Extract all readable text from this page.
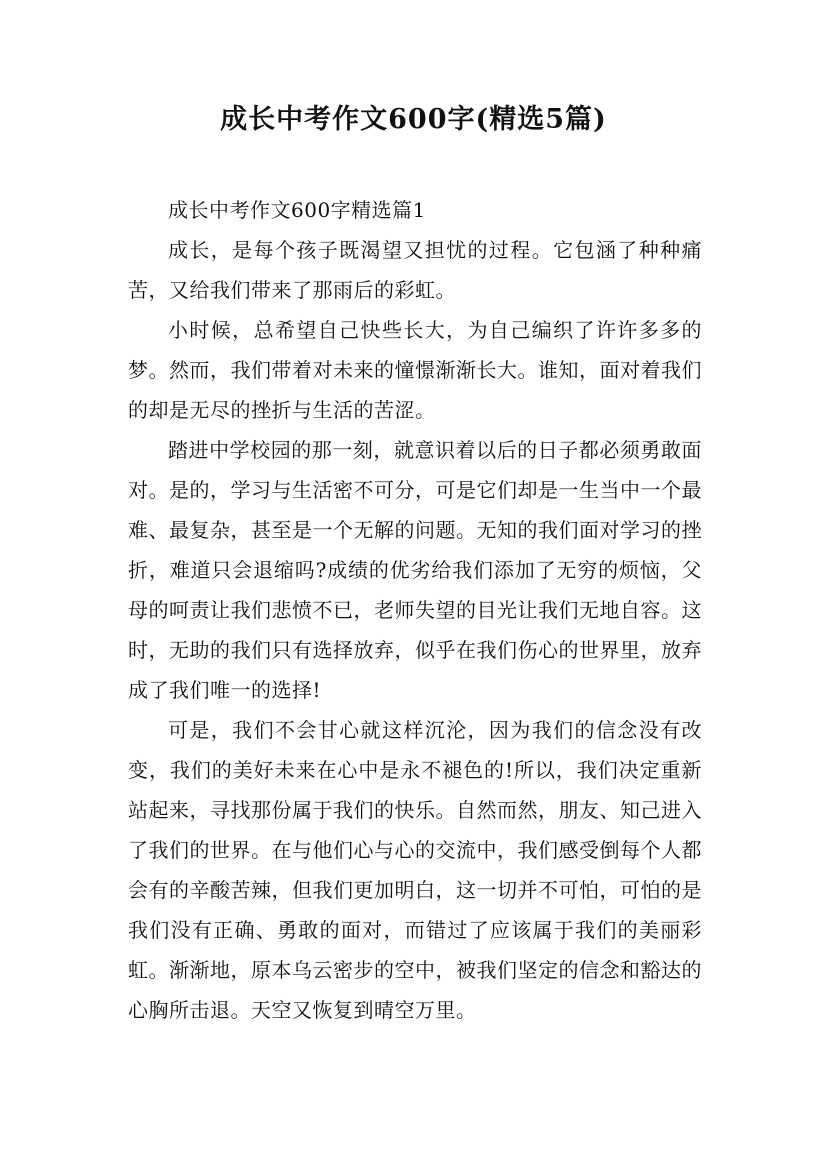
成长中考作文600字(精选5篇)

成长中考作文600字精选篇1

成长，是每个孩子既渴望又担忧的过程。它包涵了种种痛苦，又给我们带来了那雨后的彩虹。

小时候，总希望自己快些长大，为自己编织了许许多多的梦。然而，我们带着对未来的憧憬渐渐长大。谁知，面对着我们的却是无尽的挫折与生活的苦涩。

踏进中学校园的那一刻，就意识着以后的日子都必须勇敢面对。是的，学习与生活密不可分，可是它们却是一生当中一个最难、最复杂，甚至是一个无解的问题。无知的我们面对学习的挫折，难道只会退缩吗?成绩的优劣给我们添加了无穷的烦恼，父母的呵责让我们悲愤不已，老师失望的目光让我们无地自容。这时，无助的我们只有选择放弃，似乎在我们伤心的世界里，放弃成了我们唯一的选择!

可是，我们不会甘心就这样沉沦，因为我们的信念没有改变，我们的美好未来在心中是永不褪色的!所以，我们决定重新站起来，寻找那份属于我们的快乐。自然而然，朋友、知己进入了我们的世界。在与他们心与心的交流中，我们感受倒每个人都会有的辛酸苦辣，但我们更加明白，这一切并不可怕，可怕的是我们没有正确、勇敢的面对，而错过了应该属于我们的美丽彩虹。渐渐地，原本乌云密步的空中，被我们坚定的信念和豁达的心胸所击退。天空又恢复到晴空万里。
